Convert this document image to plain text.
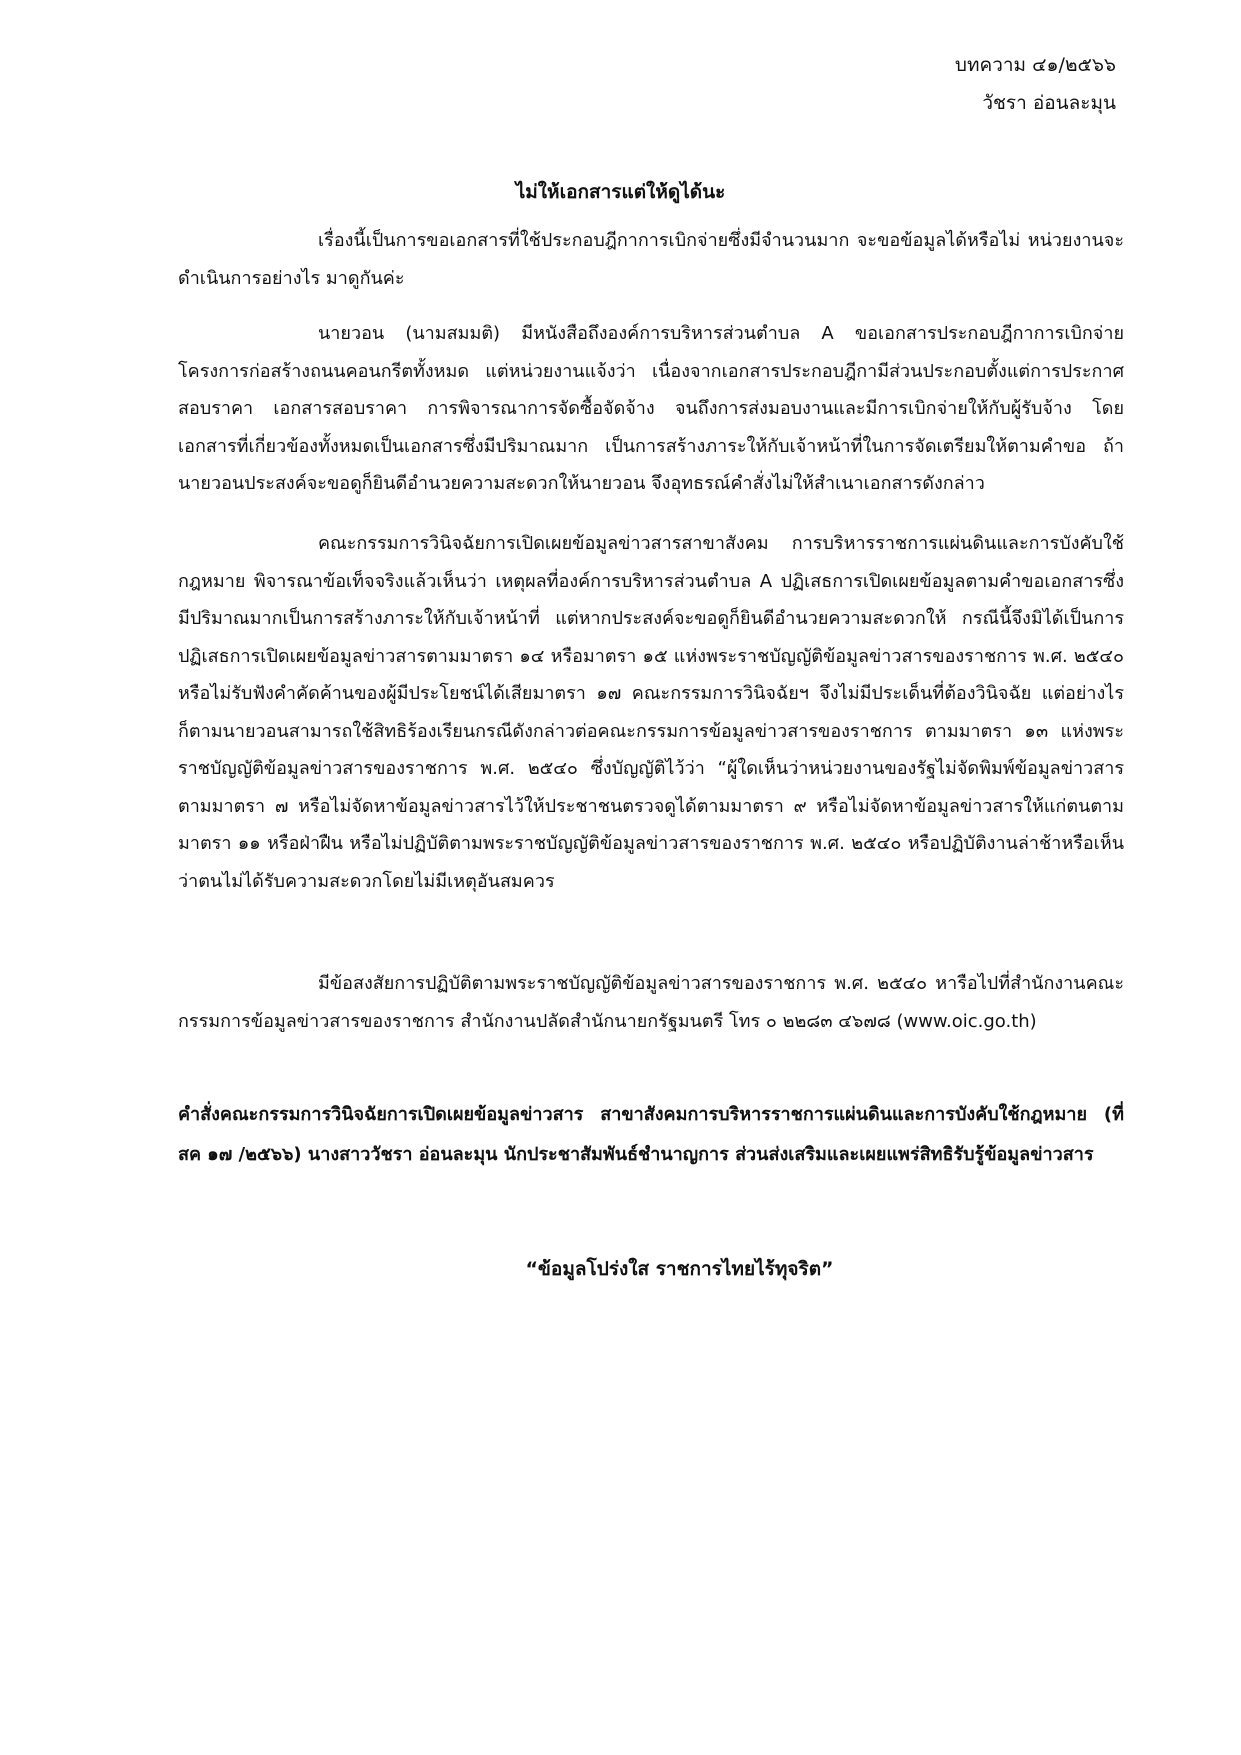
บทความ ๔๑/๒๕๖๖
วัชรา อ่อนละมุน
ไม่ให้เอกสารแต่ให้ดูได้นะ

เรื่องนี้เป็นการขอเอกสารที่ใช้ประกอบฎีกาการเบิกจ่ายซึ่งมีจำนวนมาก จะขอข้อมูลได้หรือไม่ หน่วยงานจะดำเนินการอย่างไร มาดูกันค่ะ

นายวอน (นามสมมติ) มีหนังสือถึงองค์การบริหารส่วนตำบล A ขอเอกสารประกอบฎีกาการเบิกจ่ายโครงการก่อสร้างถนนคอนกรีตทั้งหมด แต่หน่วยงานแจ้งว่า เนื่องจากเอกสารประกอบฎีกามีส่วนประกอบตั้งแต่การประกาศสอบราคา เอกสารสอบราคา การพิจารณาการจัดซื้อจัดจ้าง จนถึงการส่งมอบงานและมีการเบิกจ่ายให้กับผู้รับจ้าง โดยเอกสารที่เกี่ยวข้องทั้งหมดเป็นเอกสารซึ่งมีปริมาณมาก เป็นการสร้างภาระให้กับเจ้าหน้าที่ในการจัดเตรียมให้ตามคำขอ ถ้านายวอนประสงค์จะขอดูก็ยินดีอำนวยความสะดวกให้นายวอน จึงอุทธรณ์คำสั่งไม่ให้สำเนาเอกสารดังกล่าว

คณะกรรมการวินิจฉัยการเปิดเผยข้อมูลข่าวสารสาขาสังคม การบริหารราชการแผ่นดินและการบังคับใช้กฎหมาย พิจารณาข้อเท็จจริงแล้วเห็นว่า เหตุผลที่องค์การบริหารส่วนตำบล A ปฏิเสธการเปิดเผยข้อมูลตามคำขอเอกสารซึ่งมีปริมาณมากเป็นการสร้างภาระให้กับเจ้าหน้าที่ แต่หากประสงค์จะขอดูก็ยินดีอำนวยความสะดวกให้ กรณีนี้จึงมิได้เป็นการปฏิเสธการเปิดเผยข้อมูลข่าวสารตามมาตรา ๑๔ หรือมาตรา ๑๕ แห่งพระราชบัญญัติข้อมูลข่าวสารของราชการ พ.ศ. ๒๕๔๐ หรือไม่รับฟังคำคัดค้านของผู้มีประโยชน์ได้เสียมาตรา ๑๗ คณะกรรมการวินิจฉัยฯ จึงไม่มีประเด็นที่ต้องวินิจฉัย แต่อย่างไรก็ตามนายวอนสามารถใช้สิทธิร้องเรียนกรณีดังกล่าวต่อคณะกรรมการข้อมูลข่าวสารของราชการ ตามมาตรา ๑๓ แห่งพระราชบัญญัติข้อมูลข่าวสารของราชการ พ.ศ. ๒๕๔๐ ซึ่งบัญญัติไว้ว่า “ผู้ใดเห็นว่าหน่วยงานของรัฐไม่จัดพิมพ์ข้อมูลข่าวสารตามมาตรา ๗ หรือไม่จัดหาข้อมูลข่าวสารไว้ให้ประชาชนตรวจดูได้ตามมาตรา ๙ หรือไม่จัดหาข้อมูลข่าวสารให้แก่ตนตามมาตรา ๑๑ หรือฝ่าฝืน หรือไม่ปฏิบัติตามพระราชบัญญัติข้อมูลข่าวสารของราชการ พ.ศ. ๒๕๔๐ หรือปฏิบัติงานล่าช้าหรือเห็นว่าตนไม่ได้รับความสะดวกโดยไม่มีเหตุอันสมควร

มีข้อสงสัยการปฏิบัติตามพระราชบัญญัติข้อมูลข่าวสารของราชการ พ.ศ. ๒๕๔๐ หารือไปที่สำนักงานคณะกรรมการข้อมูลข่าวสารของราชการ สำนักงานปลัดสำนักนายกรัฐมนตรี โทร ๐ ๒๒๘๓ ๔๖๗๘ (www.oic.go.th)

คำสั่งคณะกรรมการวินิจฉัยการเปิดเผยข้อมูลข่าวสาร สาขาสังคมการบริหารราชการแผ่นดินและการบังคับใช้กฎหมาย (ที่ สค ๑๗ /๒๕๖๖) นางสาววัชรา อ่อนละมุน นักประชาสัมพันธ์ชำนาญการ ส่วนส่งเสริมและเผยแพร่สิทธิรับรู้ข้อมูลข่าวสาร

“ข้อมูลโปร่งใส ราชการไทยไร้ทุจริต”
